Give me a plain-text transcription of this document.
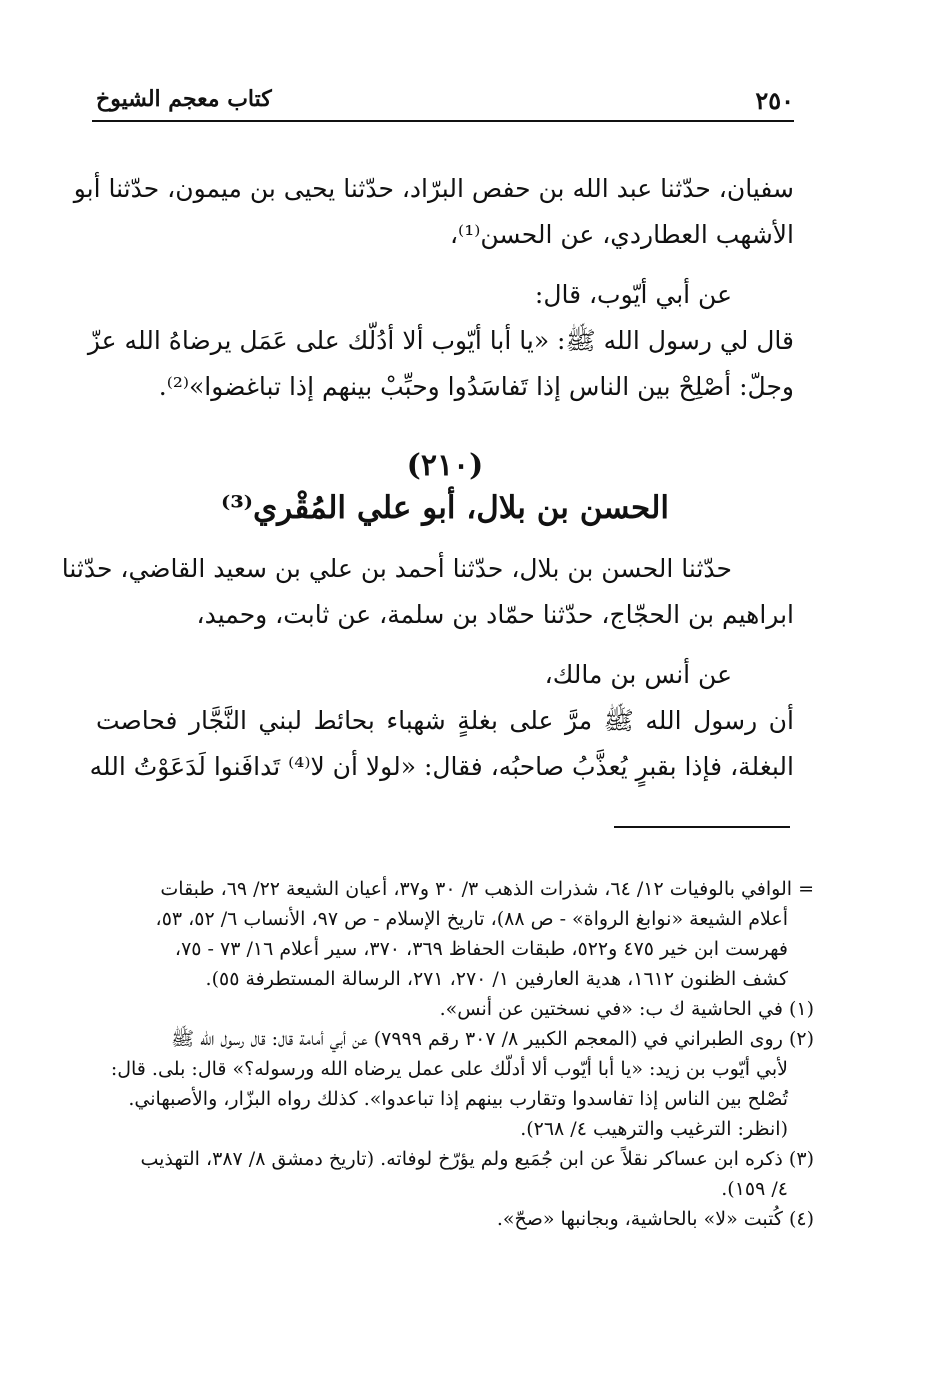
٢٥٠
كتاب معجم الشيوخ
سفيان، حدّثنا عبد الله بن حفص البرّاد، حدّثنا يحيى بن ميمون، حدّثنا أبو
الأشهب العطاردي، عن الحسن⁽¹⁾،
عن أبي أيّوب، قال:
قال لي رسول الله ﷺ: «يا أبا أيّوب ألا أدُلّك على عَمَل يرضاهُ الله عزّ
وجلّ: أصْلِحْ بين الناس إذا تَفاسَدُوا وحبِّبْ بينهم إذا تباغضوا»⁽²⁾.
(٢١٠)
الحسن بن بلال، أبو علي المُقْري⁽³⁾
حدّثنا الحسن بن بلال، حدّثنا أحمد بن علي بن سعيد القاضي، حدّثنا
ابراهيم بن الحجّاج، حدّثنا حمّاد بن سلمة، عن ثابت، وحميد،
عن أنس بن مالك،
أن رسول الله ﷺ مرَّ على بغلةٍ شهباء بحائط لبني النَّجَّار فحاصت
البغلة، فإذا بقبرٍ يُعذَّبُ صاحبُه، فقال: «لولا أن لا⁽⁴⁾ تَدافَنوا لَدَعَوْتُ الله
= الوافي بالوفيات ١٢/ ٦٤، شذرات الذهب ٣/ ٣٠ و٣٧، أعيان الشيعة ٢٢/ ٦٩، طبقات
أعلام الشيعة «نوابغ الرواة» - ص ٨٨)، تاريخ الإسلام - ص ٩٧، الأنساب ٦/ ٥٢، ٥٣،
فهرست ابن خير ٤٧٥ و٥٢٢، طبقات الحفاظ ٣٦٩، ٣٧٠، سير أعلام ١٦/ ٧٣ - ٧٥،
كشف الظنون ١٦١٢، هدية العارفين ١/ ٢٧٠، ٢٧١، الرسالة المستطرفة ٥٥).
(١) في الحاشية ك ب: «في نسختين عن أنس».
(٢) روى الطبراني في (المعجم الكبير ٨/ ٣٠٧ رقم ٧٩٩٩) عن أبي أمامة قال: قال رسول الله ﷺ
لأبي أيّوب بن زيد: «يا أبا أيّوب ألا أدلّك على عمل يرضاه الله ورسوله؟» قال: بلى. قال:
تُصْلح بين الناس إذا تفاسدوا وتقارب بينهم إذا تباعدوا». كذلك رواه البزّار، والأصبهاني.
(انظر: الترغيب والترهيب ٤/ ٢٦٨).
(٣) ذكره ابن عساكر نقلاً عن ابن جُمَيع ولم يؤرّخ لوفاته. (تاريخ دمشق ٨/ ٣٨٧، التهذيب
٤/ ١٥٩).
(٤) كُتبت «لا» بالحاشية، وبجانبها «صحّ».
